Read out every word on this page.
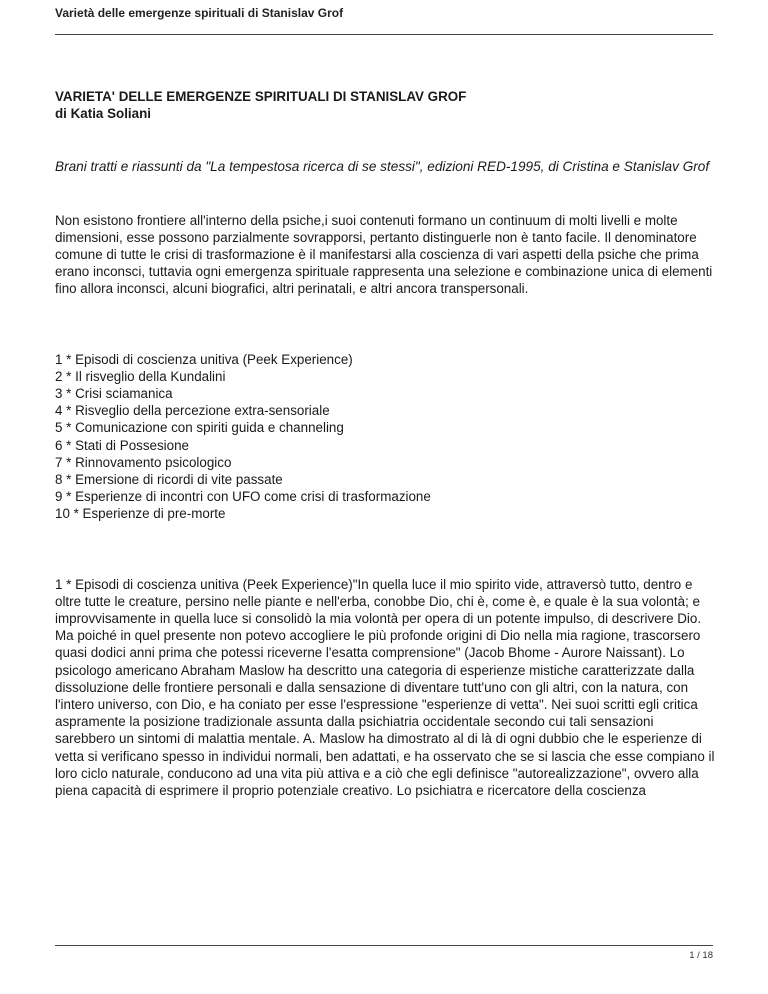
Varietà delle emergenze spirituali di Stanislav Grof

VARIETA' DELLE EMERGENZE SPIRITUALI DI STANISLAV GROF

di Katia Soliani

Brani tratti e riassunti da "La tempestosa ricerca di se stessi", edizioni RED-1995, di Cristina e Stanislav Grof

Non esistono frontiere all'interno della psiche,i suoi contenuti formano un continuum di molti livelli e molte dimensioni, esse possono parzialmente sovrapporsi, pertanto distinguerle non è tanto facile. Il denominatore comune di tutte le crisi di trasformazione è il manifestarsi alla coscienza di vari aspetti della psiche che prima erano inconsci, tuttavia ogni emergenza spirituale rappresenta una selezione e combinazione unica di elementi fino allora inconsci, alcuni biografici, altri perinatali, e altri ancora transpersonali.

1 * Episodi di coscienza unitiva (Peek Experience)
2 * Il risveglio della Kundalini
3 * Crisi sciamanica
4 * Risveglio della percezione extra-sensoriale
5 * Comunicazione con spiriti guida e channeling
6 * Stati di Possesione
7 * Rinnovamento psicologico
8 * Emersione di ricordi di vite passate
9 * Esperienze di incontri con UFO come crisi di trasformazione
10 * Esperienze di pre-morte

1 * Episodi di coscienza unitiva (Peek Experience)"In quella luce il mio spirito vide, attraversò tutto, dentro e oltre tutte le creature, persino nelle piante e nell'erba, conobbe Dio, chi è, come è, e quale è la sua volontà; e improvvisamente in quella luce si consolidò la mia volontà per opera di un potente impulso, di descrivere Dio. Ma poiché in quel presente non potevo accogliere le più profonde origini di Dio nella mia ragione, trascorsero quasi dodici anni prima che potessi riceverne l'esatta comprensione" (Jacob Bhome - Aurore Naissant). Lo psicologo americano Abraham Maslow ha descritto una categoria di esperienze mistiche caratterizzate dalla dissoluzione delle frontiere personali e dalla sensazione di diventare tutt'uno con gli altri, con la natura, con l'intero universo, con Dio, e ha coniato per esse l'espressione "esperienze di vetta". Nei suoi scritti egli critica aspramente la posizione tradizionale assunta dalla psichiatria occidentale secondo cui tali sensazioni sarebbero un sintomi di malattia mentale. A. Maslow ha dimostrato al di là di ogni dubbio che le esperienze di vetta si verificano spesso in individui normali, ben adattati, e ha osservato che se si lascia che esse compiano il loro ciclo naturale, conducono ad una vita più attiva e a ciò che egli definisce "autorealizzazione", ovvero alla piena capacità di esprimere il proprio potenziale creativo. Lo psichiatra e ricercatore della coscienza

1 / 18
